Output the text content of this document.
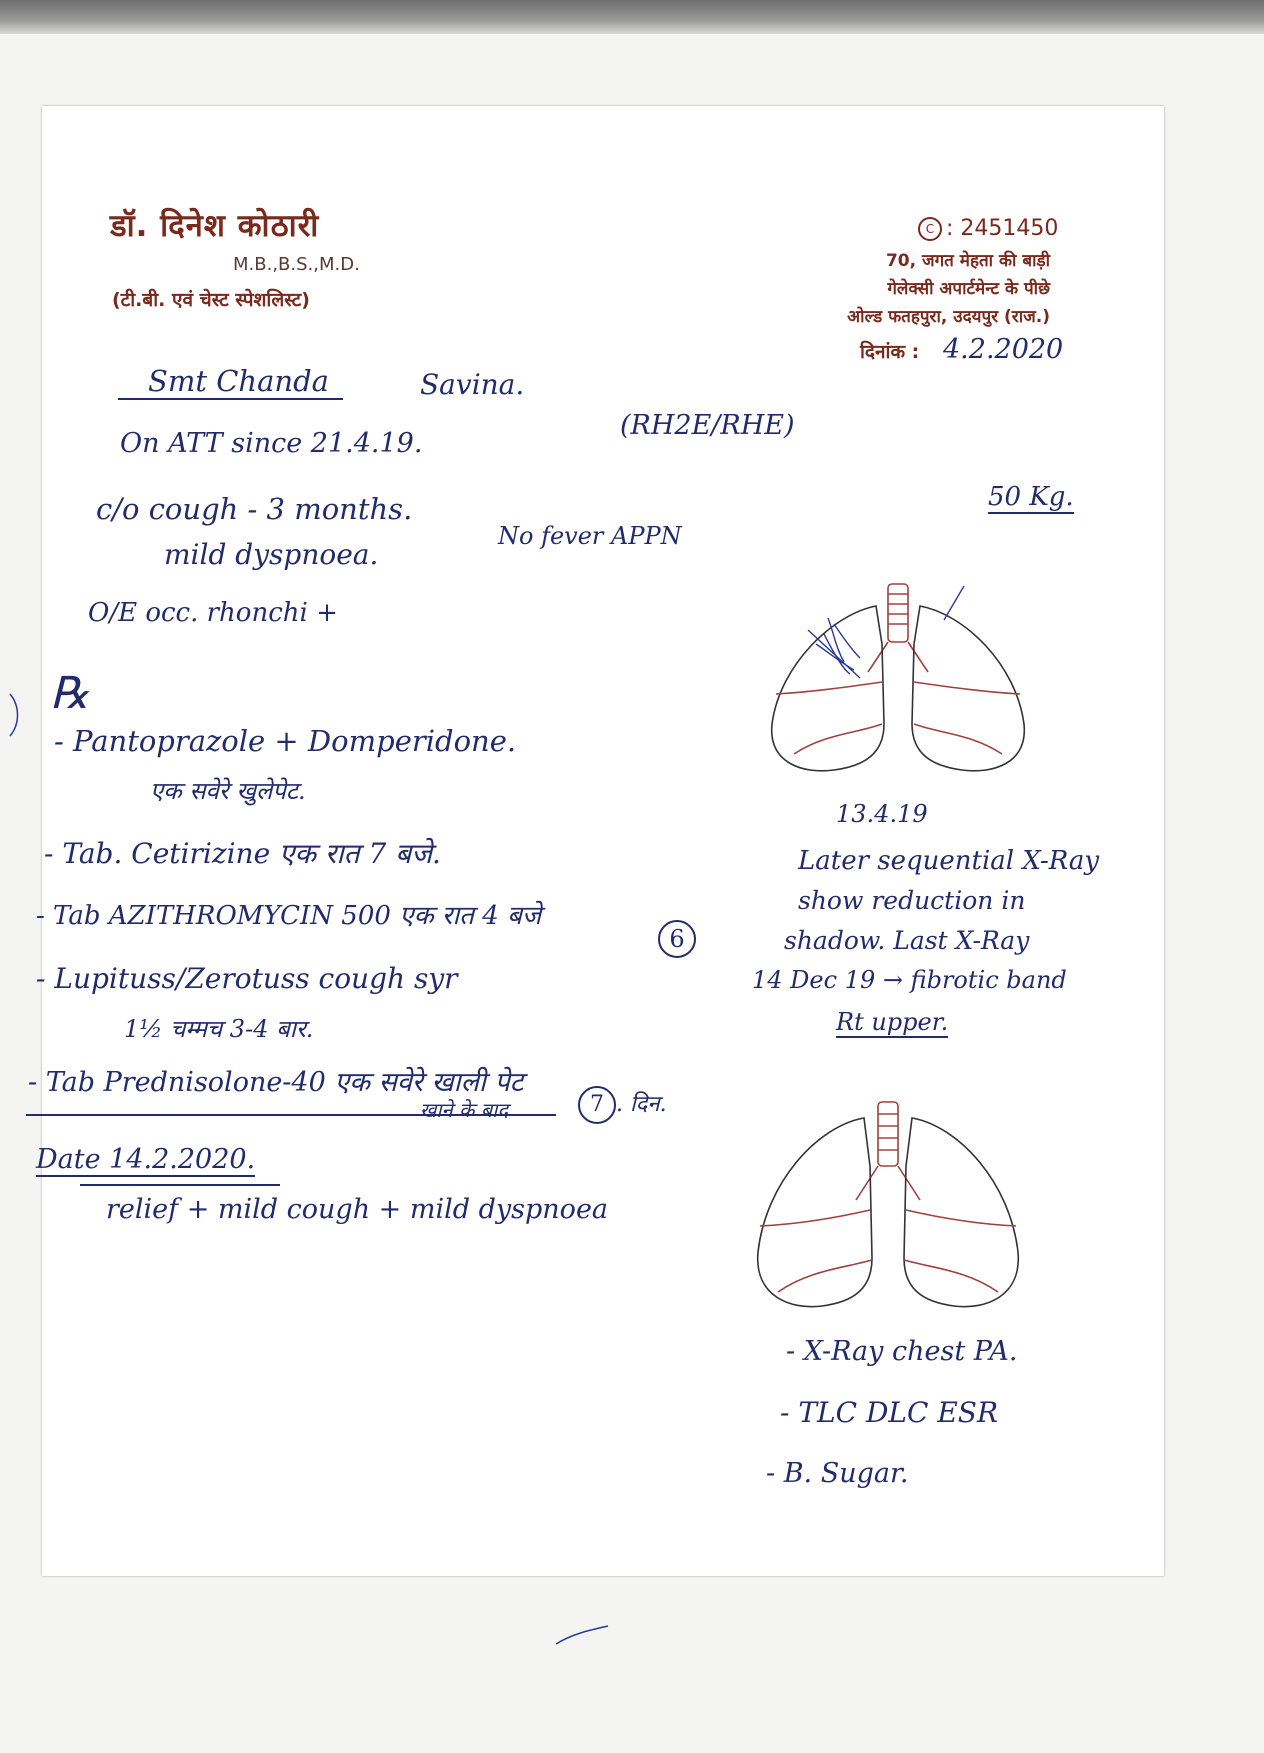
डॉ. दिनेश कोठारी
M.B.,B.S.,M.D.
(टी.बी. एवं चेस्ट स्पेशलिस्ट)
C : 2451450
70, जगत मेहता की बाड़ी
गेलेक्सी अपार्टमेन्ट के पीछे
ओल्ड फतहपुरा, उदयपुर (राज.)
दिनांक : 4.2.2020
Smt Chanda	Savina.
On ATT since 21.4.19.
(RH2E/RHE)
50 Kg.
c/o cough - 3 months.
mild dyspnoea.
No fever APPN
O/E occ. rhonchi +
℞
- Pantoprazole + Domperidone.
एक सवेरे खुलेपेट.
- Tab. Cetirizine एक रात 7 बजे.
- Tab AZITHROMYCIN 500 एक रात 4 बजे
6
- Lupituss/Zerotuss cough syr
1½ चम्मच 3-4 बार.
- Tab Prednisolone-40 एक सवेरे खाली पेट
खाने के बाद	7 . दिन.
Date 14.2.2020.
relief + mild cough + mild dyspnoea
13.4.19
Later sequential X-Ray
show reduction in
shadow. Last X-Ray
14 Dec 19 → fibrotic band
Rt upper.
- X-Ray chest PA.
- TLC DLC ESR
- B. Sugar.
